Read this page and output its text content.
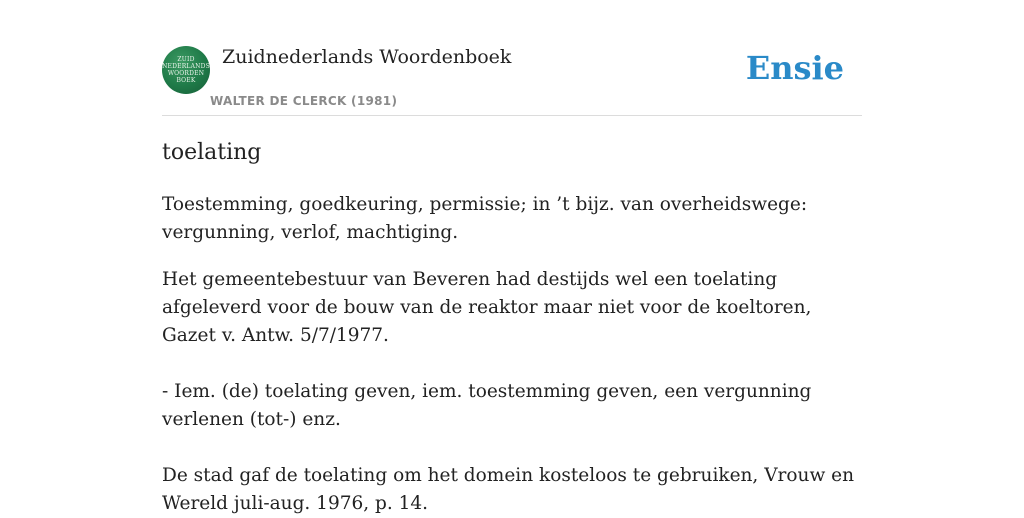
ZUID
NEDERLANDS
WOORDEN
BOEK
Zuidnederlands Woordenboek
WALTER DE CLERCK (1981)
Ensie
toelating

Toestemming, goedkeuring, permissie; in ’t bijz. van overheidswege: vergunning, verlof, machtiging.

Het gemeentebestuur van Beveren had destijds wel een toelating afgeleverd voor de bouw van de reaktor maar niet voor de koeltoren, Gazet v. Antw. 5/7/1977.

- Iem. (de) toelating geven, iem. toestemming geven, een vergunning verlenen (tot-) enz.

De stad gaf de toelating om het domein kosteloos te gebruiken, Vrouw en Wereld juli-aug. 1976, p. 14.
